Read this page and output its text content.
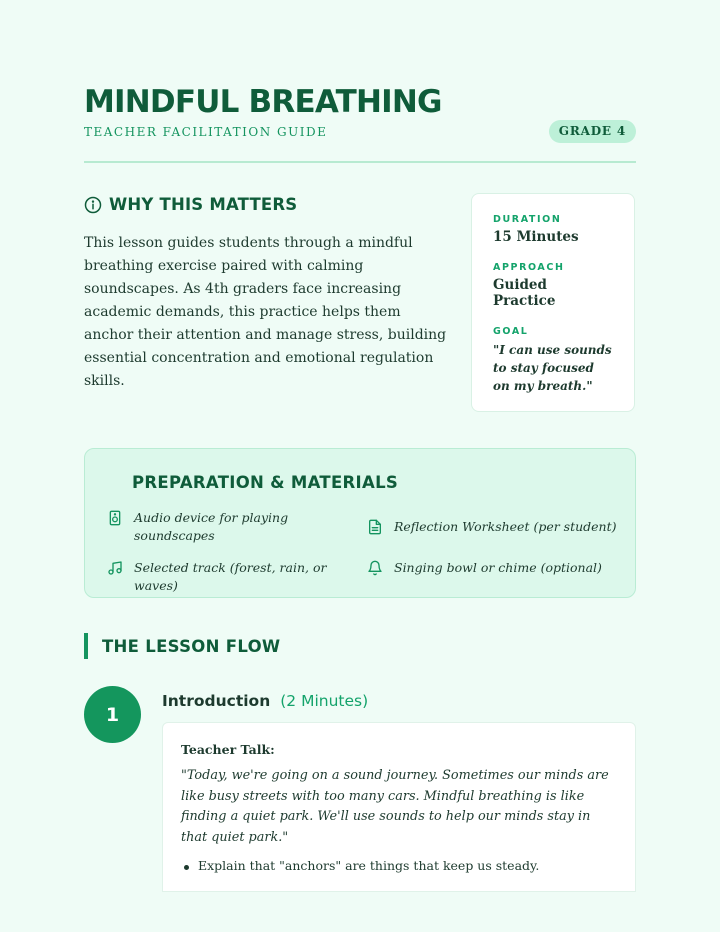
MINDFUL BREATHING
TEACHER FACILITATION GUIDE	GRADE 4
WHY THIS MATTERS

This lesson guides students through a mindful breathing exercise paired with calming soundscapes. As 4th graders face increasing academic demands, this practice helps them anchor their attention and manage stress, building essential concentration and emotional regulation skills.

DURATION
15 Minutes
APPROACH
Guided Practice
GOAL
"I can use sounds to stay focused on my breath."
PREPARATION & MATERIALS
Audio device for playing soundscapes
Reflection Worksheet (per student)
Selected track (forest, rain, or waves)
Singing bowl or chime (optional)
THE LESSON FLOW
1
Introduction (2 Minutes)
Teacher Talk:

"Today, we're going on a sound journey. Sometimes our minds are like busy streets with too many cars. Mindful breathing is like finding a quiet park. We'll use sounds to help our minds stay in that quiet park."

Explain that "anchors" are things that keep us steady.
